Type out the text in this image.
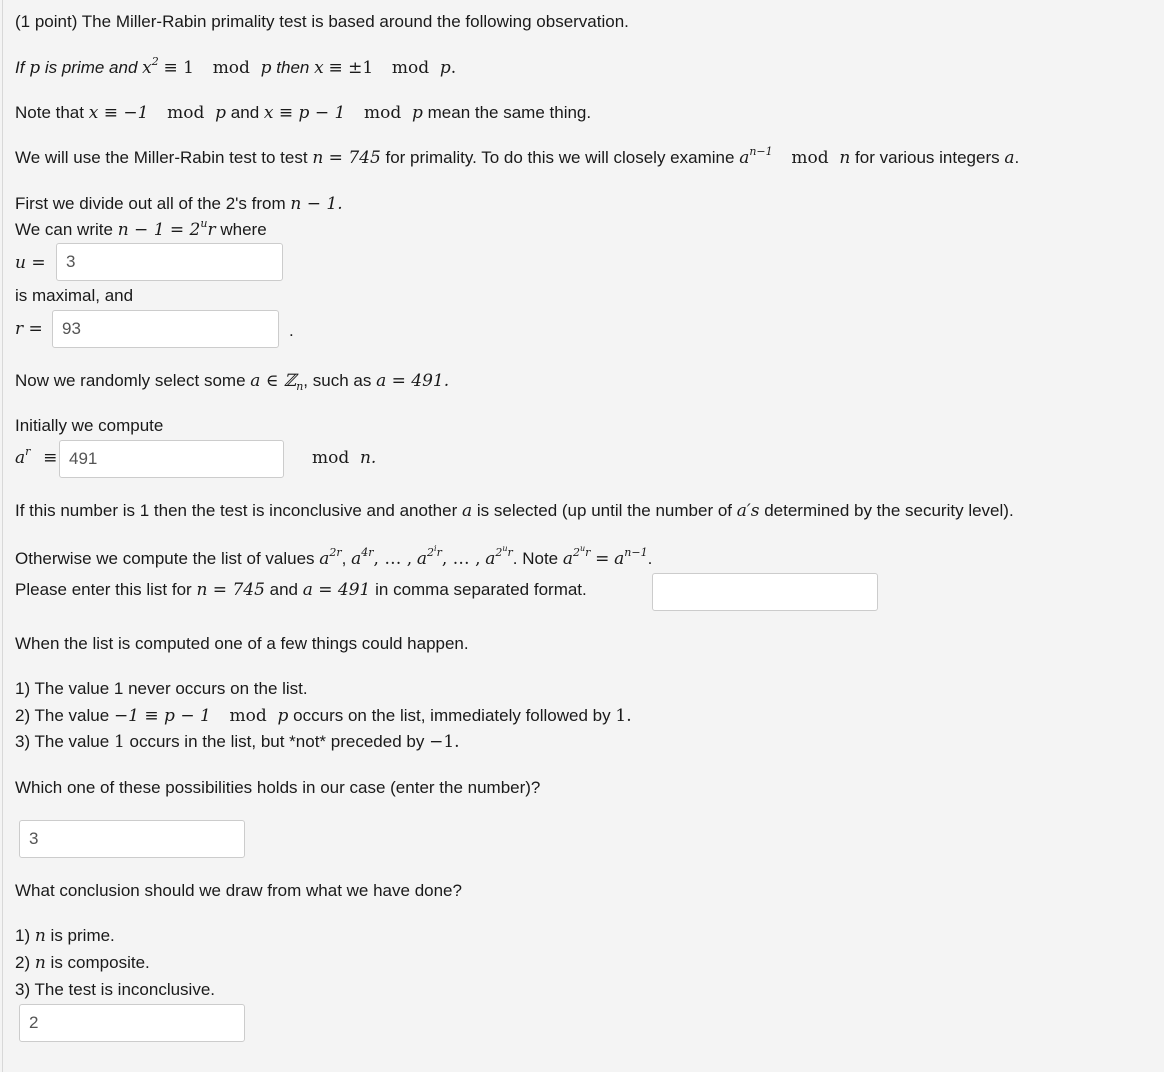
(1 point) The Miller-Rabin primality test is based around the following observation.
If p is prime and $x^2 \equiv 1$ mod p then x ≡ ±1 mod p.
Note that x ≡ −1 mod p and x ≡ p − 1 mod p mean the same thing.
We will use the Miller-Rabin test to test n = 745 for primality. To do this we will closely examine $a^{n-1}$ mod n for various integers a.
First we divide out all of the 2's from n − 1.
We can write $n - 1 = 2^ur$ where
u =
3
is maximal, and
r =
93	.
Now we randomly select some a ∈ ℤ$_n$, such as a = 491.
Initially we compute
$a^r$ ≡
491	mod n.
If this number is 1 then the test is inconclusive and another a is selected (up until the number of a′s determined by the security level).
Otherwise we compute the list of values $a^{2r}$, $a^{4r}$, … , $a^{2^ir}$, … , $a^{2^ur}$. Note $a^{2^ur} = a^{n-1}$.
Please enter this list for n = 745 and a = 491 in comma separated format.
When the list is computed one of a few things could happen.
1) The value 1 never occurs on the list.
2) The value −1 ≡ p − 1 mod p occurs on the list, immediately followed by 1.
3) The value 1 occurs in the list, but *not* preceded by −1.
Which one of these possibilities holds in our case (enter the number)?
3
What conclusion should we draw from what we have done?
1) n is prime.
2) n is composite.
3) The test is inconclusive.
2
